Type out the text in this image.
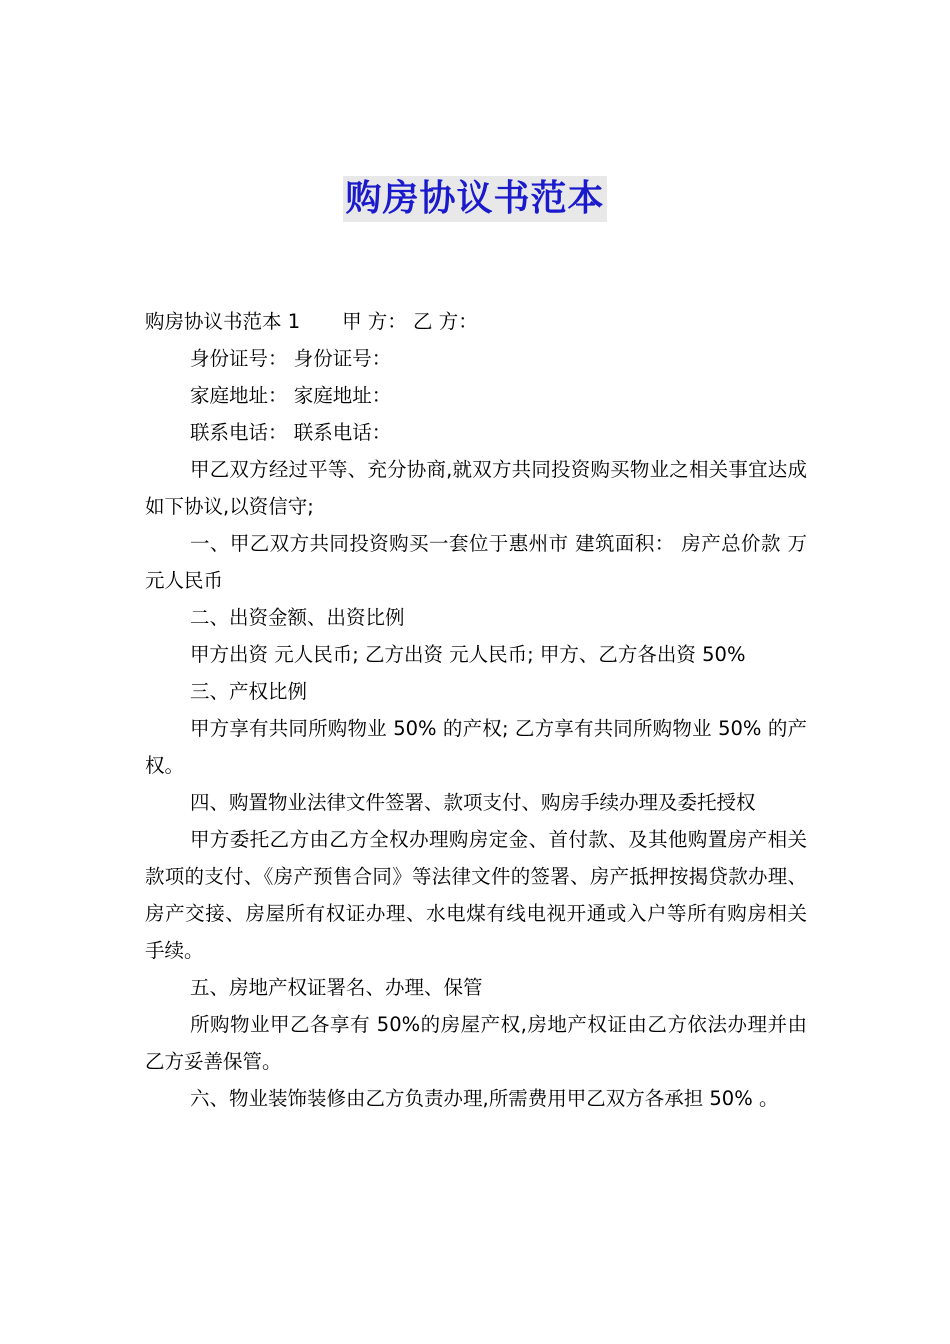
购房协议书范本

购房协议书范本 1 甲 方： 乙 方：

身份证号： 身份证号：

家庭地址： 家庭地址：

联系电话： 联系电话：

甲乙双方经过平等、充分协商,就双方共同投资购买物业之相关事宜达成如下协议,以资信守;

一、甲乙双方共同投资购买一套位于惠州市 建筑面积： 房产总价款 万元人民币

二、出资金额、出资比例

甲方出资 元人民币; 乙方出资 元人民币; 甲方、乙方各出资 50%

三、产权比例

甲方享有共同所购物业 50% 的产权; 乙方享有共同所购物业 50% 的产权。

四、购置物业法律文件签署、款项支付、购房手续办理及委托授权

甲方委托乙方由乙方全权办理购房定金、首付款、及其他购置房产相关款项的支付、《房产预售合同》等法律文件的签署、房产抵押按揭贷款办理、房产交接、房屋所有权证办理、水电煤有线电视开通或入户等所有购房相关手续。

五、房地产权证署名、办理、保管

所购物业甲乙各享有 50%的房屋产权,房地产权证由乙方依法办理并由乙方妥善保管。

六、物业装饰装修由乙方负责办理,所需费用甲乙双方各承担 50% 。
